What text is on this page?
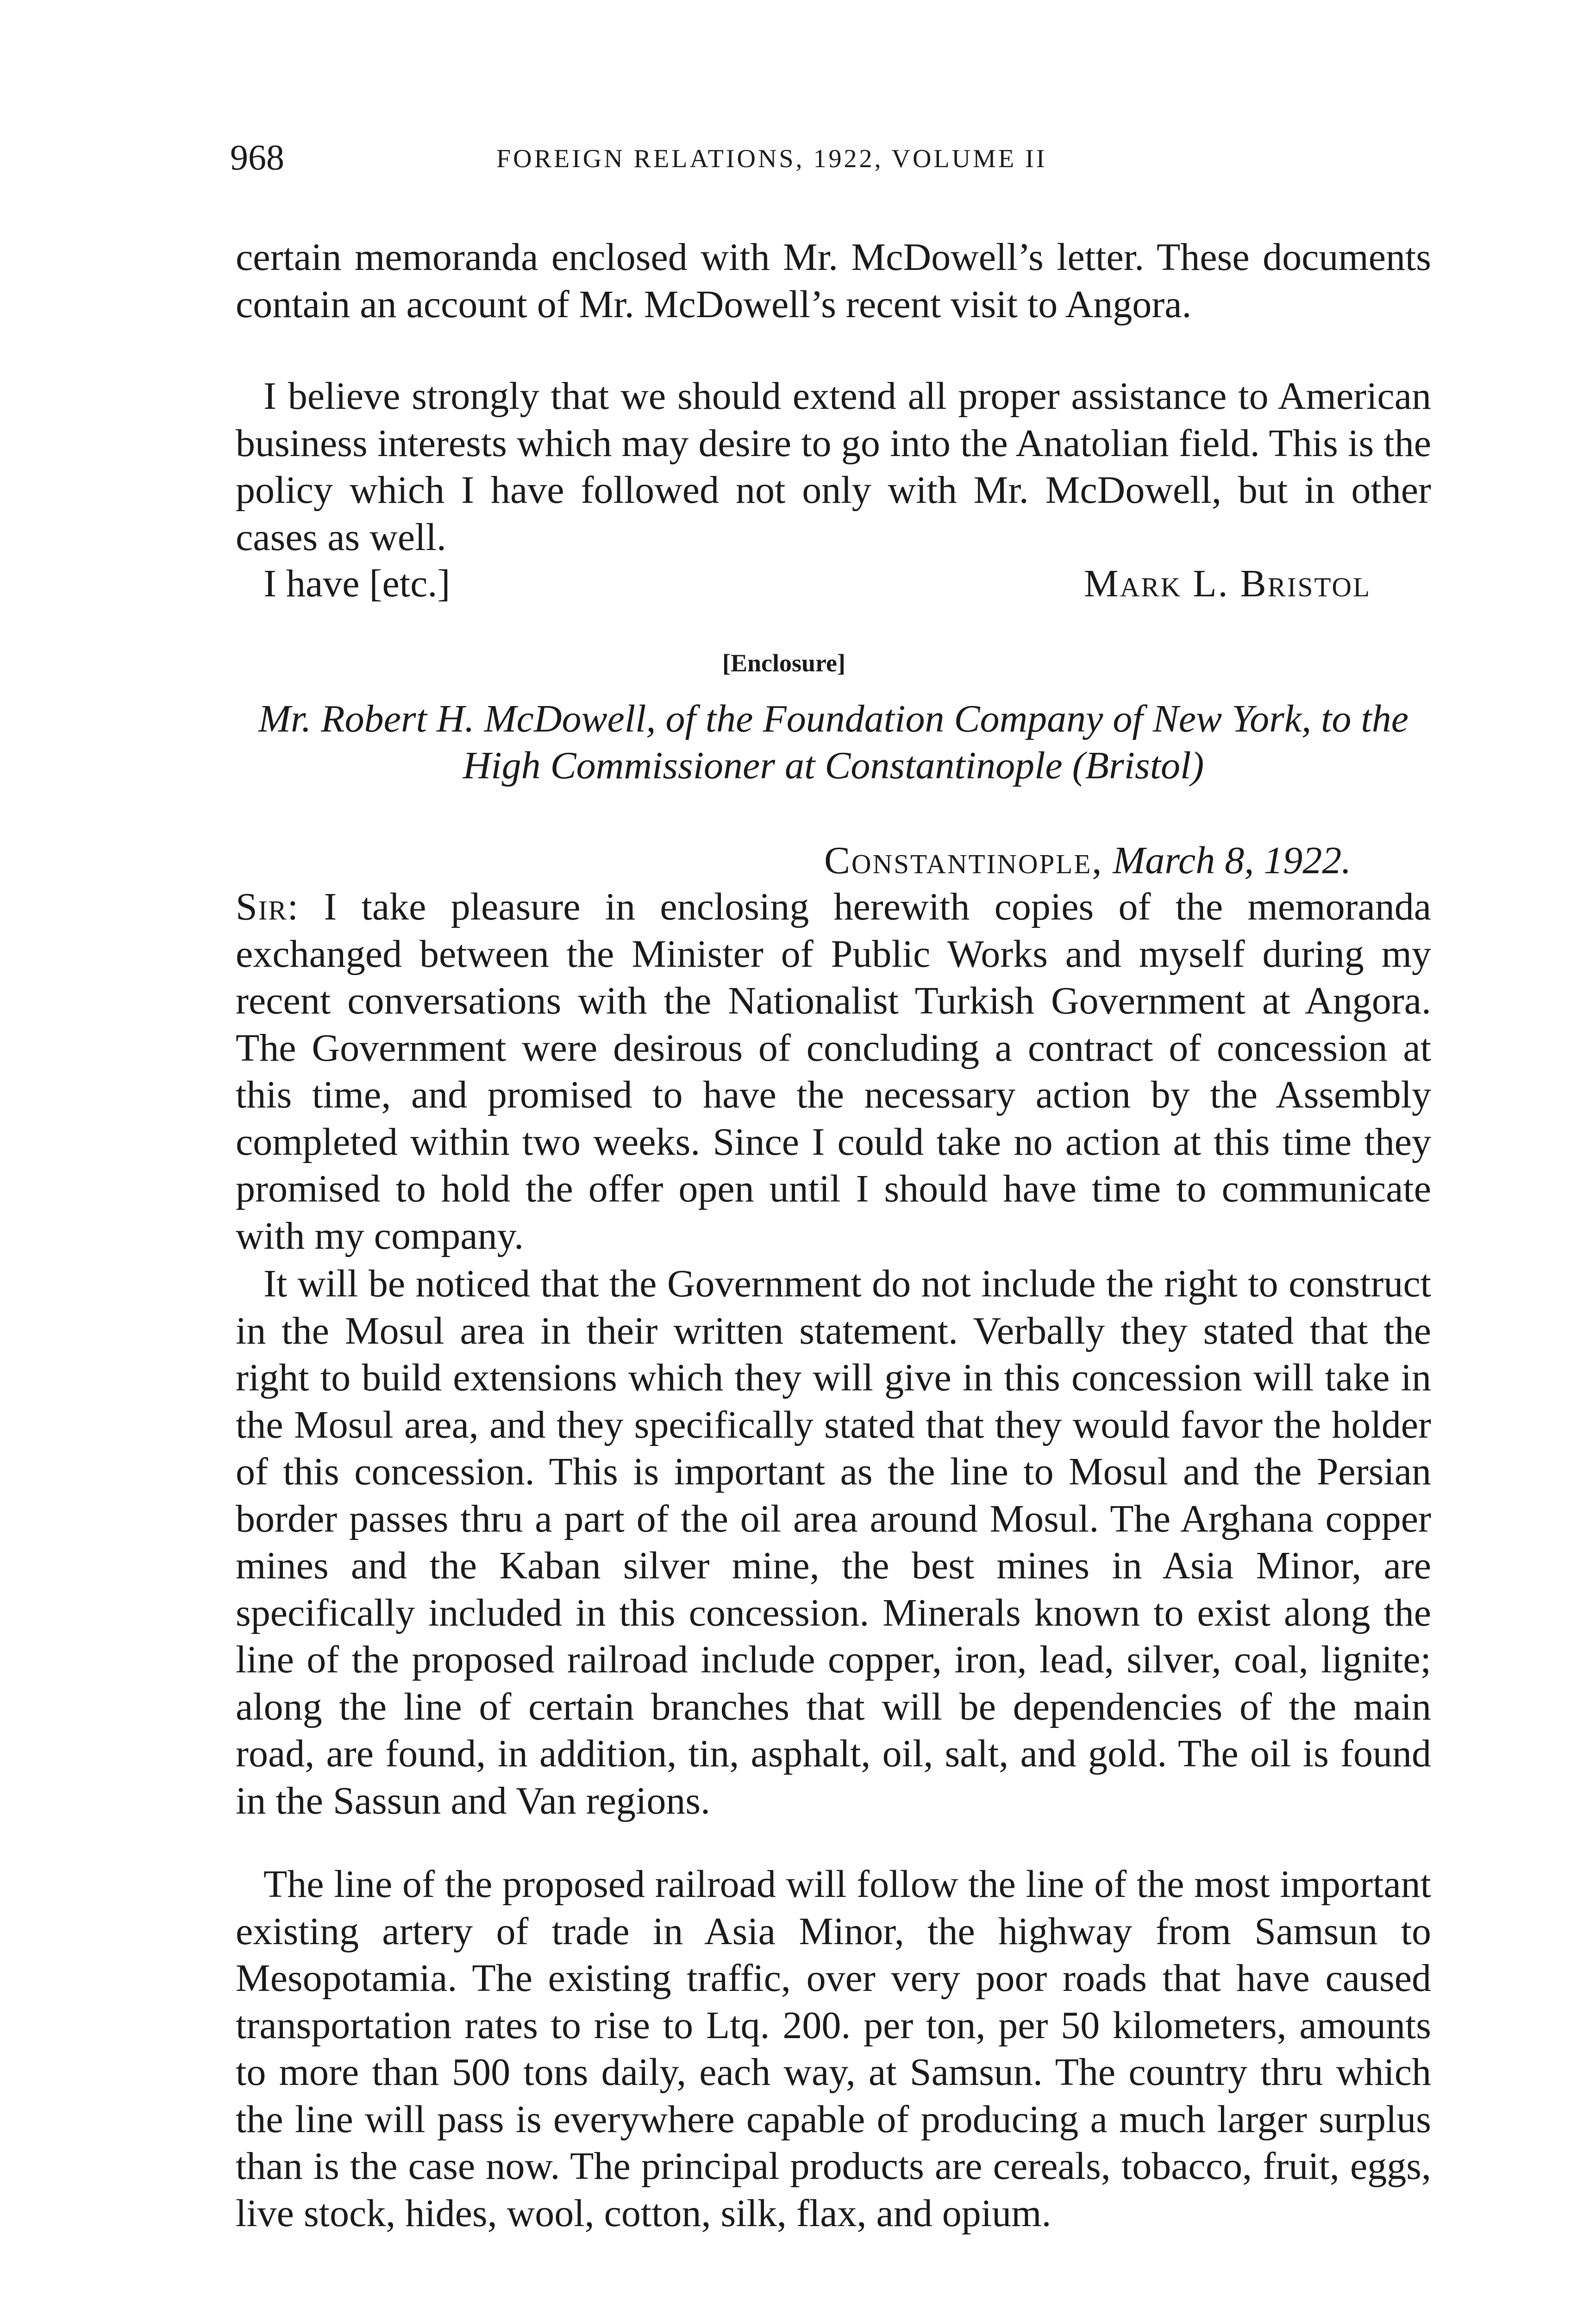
968	FOREIGN RELATIONS, 1922, VOLUME II

certain memoranda enclosed with Mr. McDowell’s letter. These documents contain an account of Mr. McDowell’s recent visit to Angora.

I believe strongly that we should extend all proper assistance to American business interests which may desire to go into the Anatolian field. This is the policy which I have followed not only with Mr. McDowell, but in other cases as well.

I have [etc.]	Mark L. Bristol
[Enclosure]

Mr. Robert H. McDowell, of the Foundation Company of New York, to the High Commissioner at Constantinople (Bristol)

Constantinople, March 8, 1922.

Sir: I take pleasure in enclosing herewith copies of the memoranda exchanged between the Minister of Public Works and myself during my recent conversations with the Nationalist Turkish Government at Angora. The Government were desirous of concluding a contract of concession at this time, and promised to have the necessary action by the Assembly completed within two weeks. Since I could take no action at this time they promised to hold the offer open until I should have time to communicate with my company.

It will be noticed that the Government do not include the right to construct in the Mosul area in their written statement. Verbally they stated that the right to build extensions which they will give in this concession will take in the Mosul area, and they specifically stated that they would favor the holder of this concession. This is important as the line to Mosul and the Persian border passes thru a part of the oil area around Mosul. The Arghana copper mines and the Kaban silver mine, the best mines in Asia Minor, are specifically included in this concession. Minerals known to exist along the line of the proposed railroad include copper, iron, lead, silver, coal, lignite; along the line of certain branches that will be dependencies of the main road, are found, in addition, tin, asphalt, oil, salt, and gold. The oil is found in the Sassun and Van regions.

The line of the proposed railroad will follow the line of the most important existing artery of trade in Asia Minor, the highway from Samsun to Mesopotamia. The existing traffic, over very poor roads that have caused transportation rates to rise to Ltq. 200. per ton, per 50 kilometers, amounts to more than 500 tons daily, each way, at Samsun. The country thru which the line will pass is everywhere capable of producing a much larger surplus than is the case now. The principal products are cereals, tobacco, fruit, eggs, live stock, hides, wool, cotton, silk, flax, and opium.
